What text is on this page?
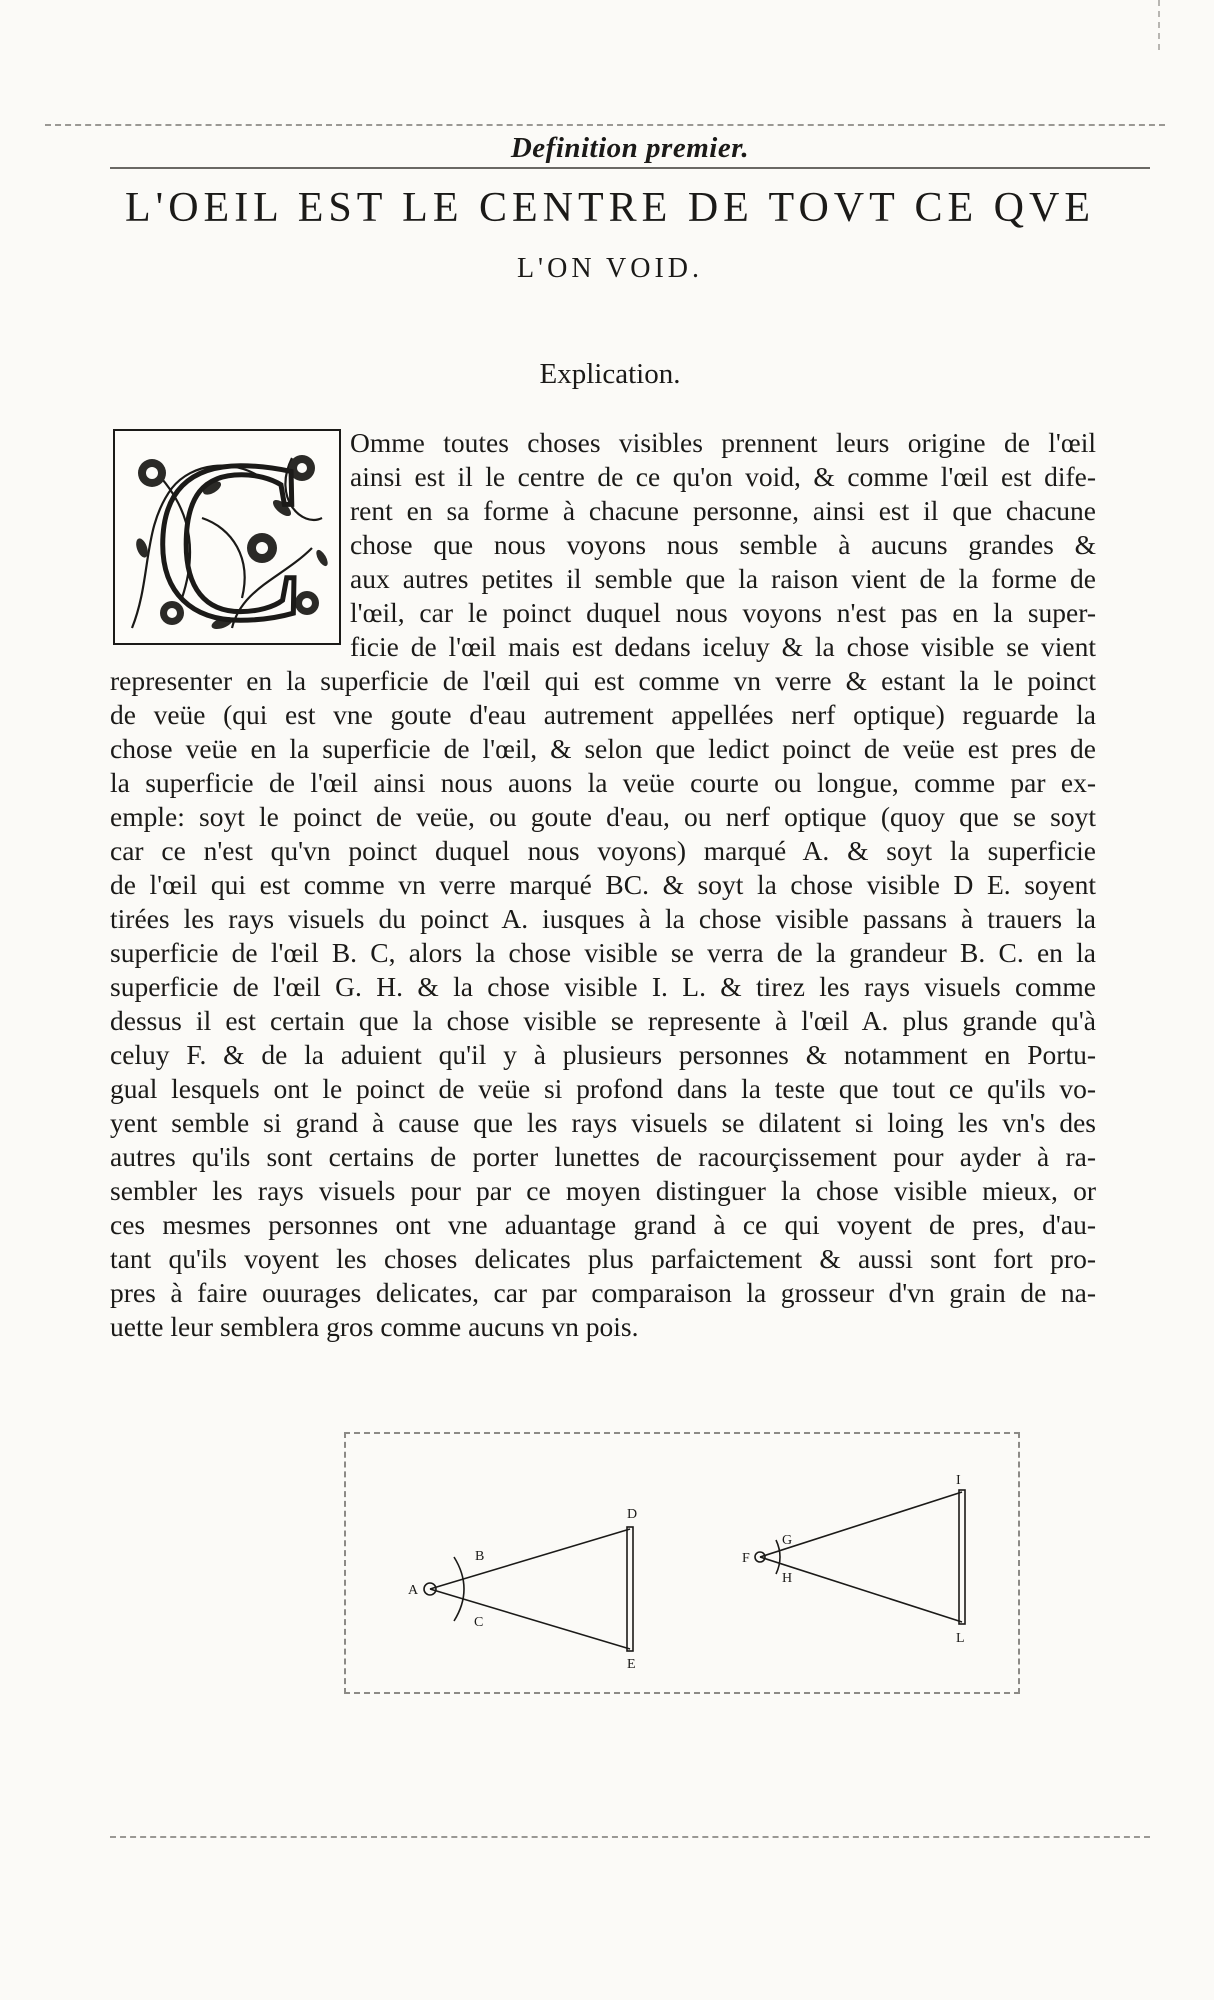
Definition premier.
L'OEIL EST LE CENTRE DE TOVT CE QVE
L'ON VOID.
Explication.
C Omme toutes choses visibles prennent leurs origine de l'œil
ainsi est il le centre de ce qu'on void, & comme l'œil est dife-
rent en sa forme à chacune personne, ainsi est il que chacune
chose que nous voyons nous semble à aucuns grandes &
aux autres petites il semble que la raison vient de la forme de
l'œil, car le poinct duquel nous voyons n'est pas en la super-
ficie de l'œil mais est dedans iceluy & la chose visible se vient
representer en la superficie de l'œil qui est comme vn verre & estant la le poinct
de veüe (qui est vne goute d'eau autrement appellées nerf optique) reguarde la
chose veüe en la superficie de l'œil, & selon que ledict poinct de veüe est pres de
la superficie de l'œil ainsi nous auons la veüe courte ou longue, comme par ex-
emple: soyt le poinct de veüe, ou goute d'eau, ou nerf optique (quoy que se soyt
car ce n'est qu'vn poinct duquel nous voyons) marqué A. & soyt la superficie
de l'œil qui est comme vn verre marqué BC. & soyt la chose visible D E. soyent
tirées les rays visuels du poinct A. iusques à la chose visible passans à trauers la
superficie de l'œil B. C, alors la chose visible se verra de la grandeur B. C. en la
superficie de l'œil G. H. & la chose visible I. L. & tirez les rays visuels comme
dessus il est certain que la chose visible se represente à l'œil A. plus grande qu'à
celuy F. & de la aduient qu'il y à plusieurs personnes & notamment en Portu-
gual lesquels ont le poinct de veüe si profond dans la teste que tout ce qu'ils vo-
yent semble si grand à cause que les rays visuels se dilatent si loing les vn's des
autres qu'ils sont certains de porter lunettes de racourçissement pour ayder à ra-
sembler les rays visuels pour par ce moyen distinguer la chose visible mieux, or
ces mesmes personnes ont vne aduantage grand à ce qui voyent de pres, d'au-
tant qu'ils voyent les choses delicates plus parfaictement & aussi sont fort pro-
pres à faire ouurages delicates, car par comparaison la grosseur d'vn grain de na-
uette leur semblera gros comme aucuns vn pois.
A
B
C
D
E
F
G
H
I
L
